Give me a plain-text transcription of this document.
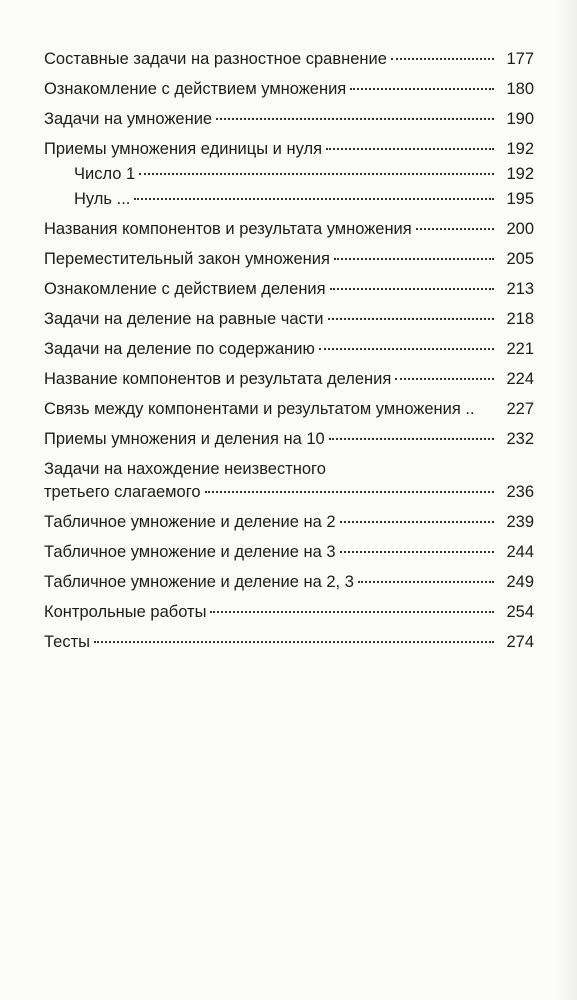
Составные задачи на разностное сравнение	177
Ознакомление с действием умножения	180
Задачи на умножение	190
Приемы умножения единицы и нуля	192
Число 1	192
Нуль ...	195
Названия компонентов и результата умножения	200
Переместительный закон умножения	205
Ознакомление с действием деления	213
Задачи на деление на равные части	218
Задачи на деление по содержанию	221
Название компонентов и результата деления	224
Связь между компонентами и результатом умножения ..	227
Приемы умножения и деления на 10	232
Задачи на нахождение неизвестного
третьего слагаемого	236
Табличное умножение и деление на 2	239
Табличное умножение и деление на 3	244
Табличное умножение и деление на 2, 3	249
Контрольные работы	254
Тесты	274
